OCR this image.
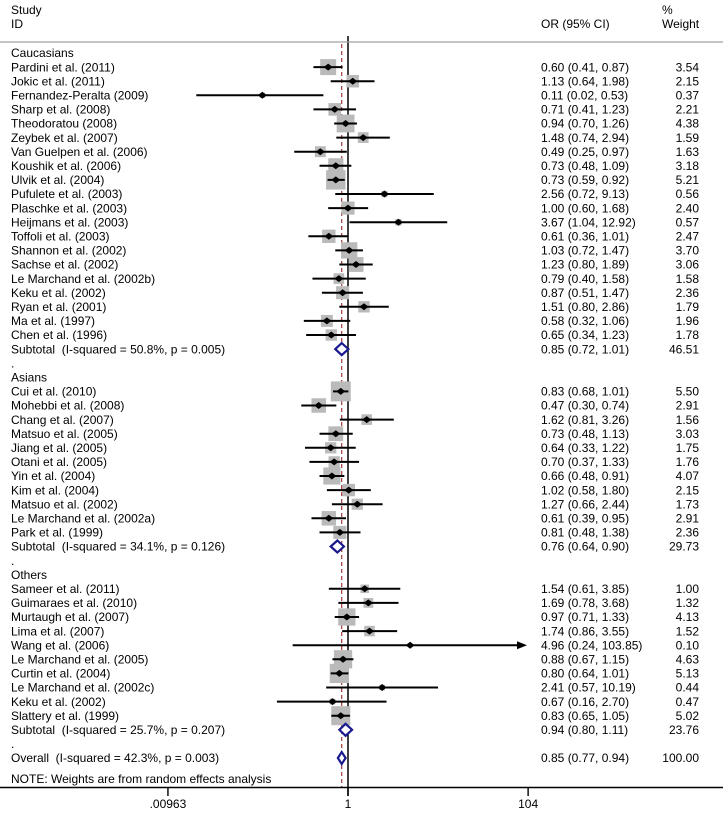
Caucasians
Pardini et al. (2011)	0.60 (0.41, 0.87)	3.54
Jokic et al. (2011)	1.13 (0.64, 1.98)	2.15
Fernandez-Peralta (2009)	0.11 (0.02, 0.53)	0.37
Sharp et al. (2008)	0.71 (0.41, 1.23)	2.21
Theodoratou (2008)	0.94 (0.70, 1.26)	4.38
Zeybek et al. (2007)	1.48 (0.74, 2.94)	1.59
Van Guelpen et al. (2006)	0.49 (0.25, 0.97)	1.63
Koushik et al. (2006)	0.73 (0.48, 1.09)	3.18
Ulvik et al. (2004)	0.73 (0.59, 0.92)	5.21
Pufulete et al. (2003)	2.56 (0.72, 9.13)	0.56
Plaschke et al. (2003)	1.00 (0.60, 1.68)	2.40
Heijmans et al. (2003)	3.67 (1.04, 12.92)	0.57
Toffoli et al. (2003)	0.61 (0.36, 1.01)	2.47
Shannon et al. (2002)	1.03 (0.72, 1.47)	3.70
Sachse et al. (2002)	1.23 (0.80, 1.89)	3.06
Le Marchand et al. (2002b)	0.79 (0.40, 1.58)	1.58
Keku et al. (2002)	0.87 (0.51, 1.47)	2.36
Ryan et al. (2001)	1.51 (0.80, 2.86)	1.79
Ma et al. (1997)	0.58 (0.32, 1.06)	1.96
Chen et al. (1996)	0.65 (0.34, 1.23)	1.78
Subtotal  (I-squared = 50.8%, p = 0.005)	0.85 (0.72, 1.01)	46.51
.
Asians
Cui et al. (2010)	0.83 (0.68, 1.01)	5.50
Mohebbi et al. (2008)	0.47 (0.30, 0.74)	2.91
Chang et al. (2007)	1.62 (0.81, 3.26)	1.56
Matsuo et al. (2005)	0.73 (0.48, 1.13)	3.03
Jiang et al. (2005)	0.64 (0.33, 1.22)	1.75
Otani et al. (2005)	0.70 (0.37, 1.33)	1.76
Yin et al. (2004)	0.66 (0.48, 0.91)	4.07
Kim et al. (2004)	1.02 (0.58, 1.80)	2.15
Matsuo et al. (2002)	1.27 (0.66, 2.44)	1.73
Le Marchand et al. (2002a)	0.61 (0.39, 0.95)	2.91
Park et al. (1999)	0.81 (0.48, 1.38)	2.36
Subtotal  (I-squared = 34.1%, p = 0.126)	0.76 (0.64, 0.90)	29.73
.
Others
Sameer et al. (2011)	1.54 (0.61, 3.85)	1.00
Guimaraes et al. (2010)	1.69 (0.78, 3.68)	1.32
Murtaugh et al. (2007)	0.97 (0.71, 1.33)	4.13
Lima et al. (2007)	1.74 (0.86, 3.55)	1.52
Wang et al. (2006)	4.96 (0.24, 103.85)	0.10
Le Marchand et al. (2005)	0.88 (0.67, 1.15)	4.63
Curtin et al. (2004)	0.80 (0.64, 1.01)	5.13
Le Marchand et al. (2002c)	2.41 (0.57, 10.19)	0.44
Keku et al. (2002)	0.67 (0.16, 2.70)	0.47
Slattery et al. (1999)	0.83 (0.65, 1.05)	5.02
Subtotal  (I-squared = 25.7%, p = 0.207)	0.94 (0.80, 1.11)	23.76
.
Overall  (I-squared = 42.3%, p = 0.003)	0.85 (0.77, 0.94)	100.00
.00963	1	104
Study
ID	OR (95% CI)
%
Weight
NOTE: Weights are from random effects analysis
